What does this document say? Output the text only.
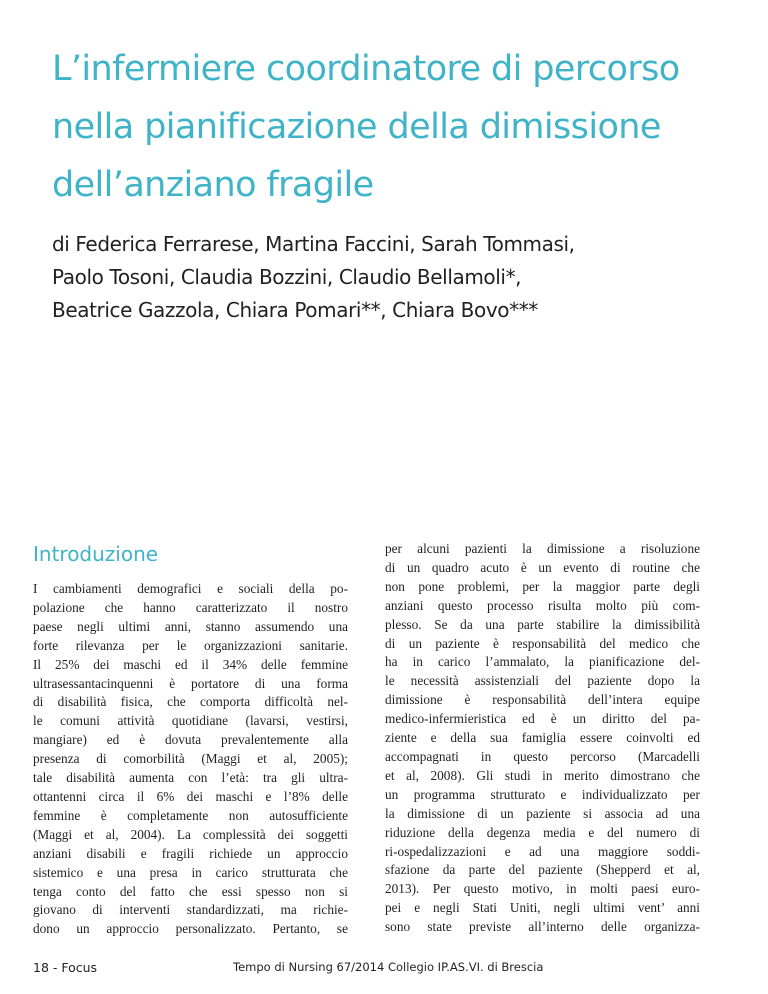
L’infermiere coordinatore di percorso
nella pianificazione della dimissione
dell’anziano fragile
di Federica Ferrarese, Martina Faccini, Sarah Tommasi,
Paolo Tosoni, Claudia Bozzini, Claudio Bellamoli*,
Beatrice Gazzola, Chiara Pomari**, Chiara Bovo***
Introduzione

I cambiamenti demografici e sociali della po-
polazione che hanno caratterizzato il nostro
paese negli ultimi anni, stanno assumendo una
forte rilevanza per le organizzazioni sanitarie.
Il 25% dei maschi ed il 34% delle femmine
ultrasessantacinquenni è portatore di una forma
di disabilità fisica, che comporta difficoltà nel-
le comuni attività quotidiane (lavarsi, vestirsi,
mangiare) ed è dovuta prevalentemente alla
presenza di comorbilità (Maggi et al, 2005);
tale disabilità aumenta con l’età: tra gli ultra-
ottantenni circa il 6% dei maschi e l’8% delle
femmine è completamente non autosufficiente
(Maggi et al, 2004). La complessità dei soggetti
anziani disabili e fragili richiede un approccio
sistemico e una presa in carico strutturata che
tenga conto del fatto che essi spesso non si
giovano di interventi standardizzati, ma richie-
dono un approccio personalizzato. Pertanto, se

per alcuni pazienti la dimissione a risoluzione
di un quadro acuto è un evento di routine che
non pone problemi, per la maggior parte degli
anziani questo processo risulta molto più com-
plesso. Se da una parte stabilire la dimissibilità
di un paziente è responsabilità del medico che
ha in carico l’ammalato, la pianificazione del-
le necessità assistenziali del paziente dopo la
dimissione è responsabilità dell’intera equipe
medico-infermieristica ed è un diritto del pa-
ziente e della sua famiglia essere coinvolti ed
accompagnati in questo percorso (Marcadelli
et al, 2008). Gli studi in merito dimostrano che
un programma strutturato e individualizzato per
la dimissione di un paziente si associa ad una
riduzione della degenza media e del numero di
ri-ospedalizzazioni e ad una maggiore soddi-
sfazione da parte del paziente (Shepperd et al,
2013). Per questo motivo, in molti paesi euro-
pei e negli Stati Uniti, negli ultimi vent’ anni
sono state previste all’interno delle organizza-

18 - Focus	Tempo di Nursing 67/2014 Collegio IP.AS.VI. di Brescia
